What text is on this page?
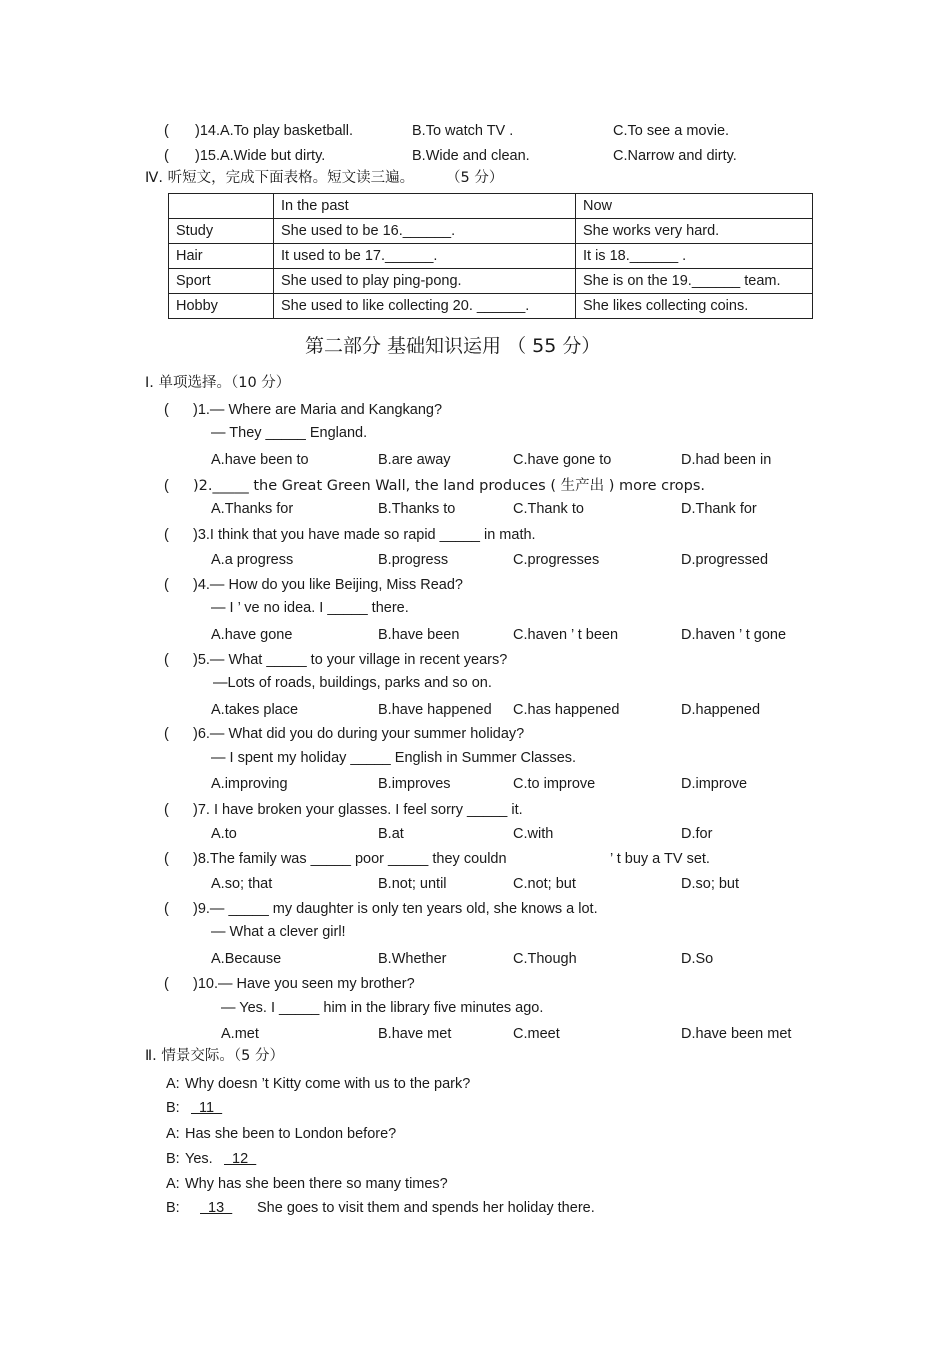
( )14.A.To play basketball.	B.To watch TV .	C.To see a movie.
( )15.A.Wide but dirty.	B.Wide and clean.	C.Narrow and dirty.
Ⅳ. 听短文，完成下面表格。短文读三遍。 （5 分）
	In the past	Now
Study	She used to be 16.______.	She works very hard.
Hair	It used to be 17.______.	It is 18.______ .
Sport	She used to play ping-pong.	She is on the 19.______ team.
Hobby	She used to like collecting 20. ______.	She likes collecting coins.
第二部分 基础知识运用 （ 55 分）
Ⅰ. 单项选择。（10 分）
( )1.— Where are Maria and Kangkang?
— They _____ England.
A.have been to	B.are away	C.have gone to	D.had been in
( )2._____ the Great Green Wall, the land produces ( 生产出 ) more crops.
A.Thanks for	B.Thanks to	C.Thank to	D.Thank for
( )3.I think that you have made so rapid _____ in math.
A.a progress	B.progress	C.progresses	D.progressed
( )4.— How do you like Beijing, Miss Read?
— I ’ ve no idea. I _____ there.
A.have gone	B.have been	C.haven ’ t been	D.haven ’ t gone
( )5.— What _____ to your village in recent years?
—Lots of roads, buildings, parks and so on.
A.takes place	B.have happened C.has happened	D.happened
( )6.— What did you do during your summer holiday?
— I spent my holiday _____ English in Summer Classes.
A.improving	B.improves	C.to improve	D.improve
( )7. I have broken your glasses. I feel sorry _____ it.
A.to	B.at	C.with	D.for
( )8.The family was _____ poor _____ they couldn	’ t buy a TV set.
A.so; that	B.not; until	C.not; but	D.so; but
( )9.— _____ my daughter is only ten years old, she knows a lot.
— What a clever girl!
A.Because	B.Whether	C.Though	D.So
( )10.— Have you seen my brother?
— Yes. I _____ him in the library five minutes ago.
A.met	B.have met	C.meet	D.have been met
Ⅱ. 情景交际。（5 分）
A: Why doesn ’t Kitty come with us to the park?
B: 11
A: Has she been to London before?
B: Yes. 12
A: Why has she been there so many times?
B: 13 She goes to visit them and spends her holiday there.
